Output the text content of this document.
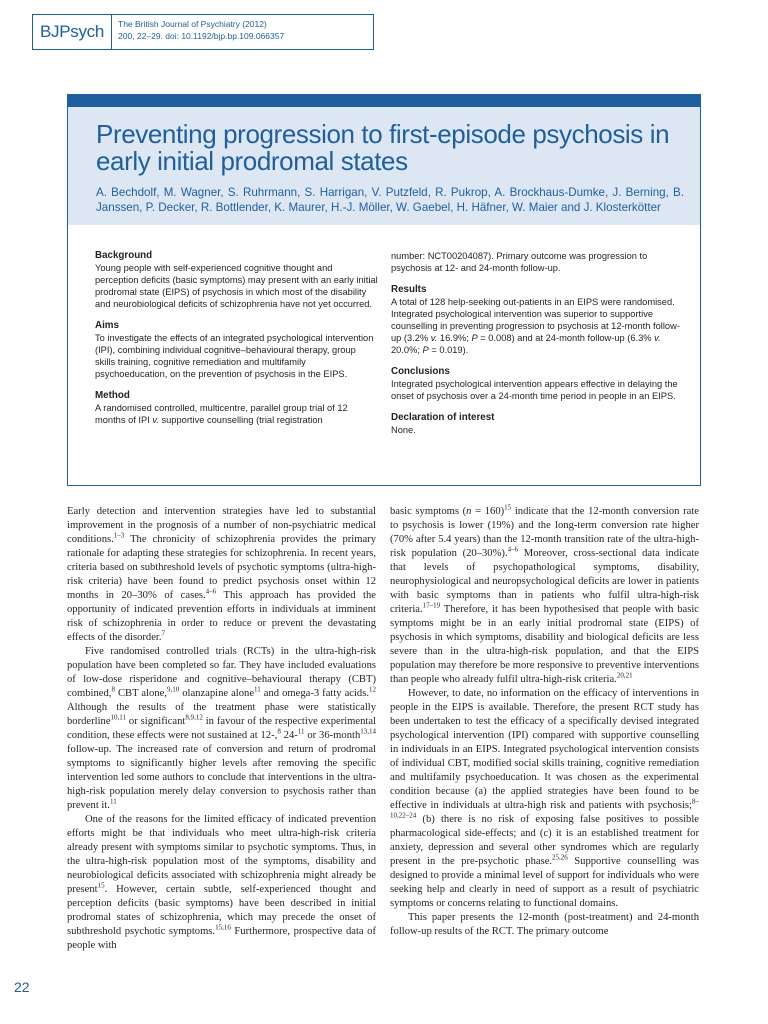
BJPsych The British Journal of Psychiatry (2012)
200, 22–29. doi: 10.1192/bjp.bp.109.066357
Preventing progression to first-episode psychosis in early initial prodromal states
A. Bechdolf, M. Wagner, S. Ruhrmann, S. Harrigan, V. Putzfeld, R. Pukrop, A. Brockhaus-Dumke, J. Berning, B. Janssen, P. Decker, R. Bottlender, K. Maurer, H.-J. Möller, W. Gaebel, H. Häfner, W. Maier and J. Klosterkötter
Background

Young people with self-experienced cognitive thought and perception deficits (basic symptoms) may present with an early initial prodromal state (EIPS) of psychosis in which most of the disability and neurobiological deficits of schizophrenia have not yet occurred.

Aims

To investigate the effects of an integrated psychological intervention (IPI), combining individual cognitive–behavioural therapy, group skills training, cognitive remediation and multifamily psychoeducation, on the prevention of psychosis in the EIPS.

Method

A randomised controlled, multicentre, parallel group trial of 12 months of IPI v. supportive counselling (trial registration

number: NCT00204087). Primary outcome was progression to psychosis at 12- and 24-month follow-up.

Results

A total of 128 help-seeking out-patients in an EIPS were randomised. Integrated psychological intervention was superior to supportive counselling in preventing progression to psychosis at 12-month follow-up (3.2% v. 16.9%; P = 0.008) and at 24-month follow-up (6.3% v. 20.0%; P = 0.019).

Conclusions

Integrated psychological intervention appears effective in delaying the onset of psychosis over a 24-month time period in people in an EIPS.

Declaration of interest

None.

Early detection and intervention strategies have led to substantial improvement in the prognosis of a number of non-psychiatric medical conditions.$^{1-3}$ The chronicity of schizophrenia provides the primary rationale for adapting these strategies for schizophrenia. In recent years, criteria based on subthreshold levels of psychotic symptoms (ultra-high-risk criteria) have been found to predict psychosis onset within 12 months in 20–30% of cases.$^{4-6}$ This approach has provided the opportunity of indicated prevention efforts in individuals at imminent risk of schizophrenia in order to reduce or prevent the devastating effects of the disorder.$^7$

Five randomised controlled trials (RCTs) in the ultra-high-risk population have been completed so far. They have included evaluations of low-dose risperidone and cognitive–behavioural therapy (CBT) combined,$^8$ CBT alone,$^{9,10}$ olanzapine alone$^{11}$ and omega-3 fatty acids.$^{12}$ Although the results of the treatment phase were statistically borderline$^{10,11}$ or significant$^{8,9,12}$ in favour of the respective experimental condition, these effects were not sustained at 12-,$^8$ 24-$^{11}$ or 36-month$^{13,14}$ follow-up. The increased rate of conversion and return of prodromal symptoms to significantly higher levels after removing the specific intervention led some authors to conclude that interventions in the ultra-high-risk population merely delay conversion to psychosis rather than prevent it.$^{11}$

One of the reasons for the limited efficacy of indicated prevention efforts might be that individuals who meet ultra-high-risk criteria already present with symptoms similar to psychotic symptoms. Thus, in the ultra-high-risk population most of the symptoms, disability and neurobiological deficits associated with schizophrenia might already be present$^{15}$. However, certain subtle, self-experienced thought and perception deficits (basic symptoms) have been described in initial prodromal states of schizophrenia, which may precede the onset of subthreshold psychotic symptoms.$^{15,16}$ Furthermore, prospective data of people with

basic symptoms (n = 160)$^{15}$ indicate that the 12-month conversion rate to psychosis is lower (19%) and the long-term conversion rate higher (70% after 5.4 years) than the 12-month transition rate of the ultra-high-risk population (20–30%).$^{4-6}$ Moreover, cross-sectional data indicate that levels of psychopathological symptoms, disability, neurophysiological and neuropsychological deficits are lower in patients with basic symptoms than in patients who fulfil ultra-high-risk criteria.$^{17-19}$ Therefore, it has been hypothesised that people with basic symptoms might be in an early initial prodromal state (EIPS) of psychosis in which symptoms, disability and biological deficits are less severe than in the ultra-high-risk population, and that the EIPS population may therefore be more responsive to preventive interventions than people who already fulfil ultra-high-risk criteria.$^{20,21}$

However, to date, no information on the efficacy of interventions in people in the EIPS is available. Therefore, the present RCT study has been undertaken to test the efficacy of a specifically devised integrated psychological intervention (IPI) compared with supportive counselling in individuals in an EIPS. Integrated psychological intervention consists of individual CBT, modified social skills training, cognitive remediation and multifamily psychoeducation. It was chosen as the experimental condition because (a) the applied strategies have been found to be effective in individuals at ultra-high risk and patients with psychosis;$^{8-10,22-24}$ (b) there is no risk of exposing false positives to possible pharmacological side-effects; and (c) it is an established treatment for anxiety, depression and several other syndromes which are regularly present in the pre-psychotic phase.$^{25,26}$ Supportive counselling was designed to provide a minimal level of support for individuals who were seeking help and clearly in need of support as a result of psychiatric symptoms or concerns relating to functional domains.

This paper presents the 12-month (post-treatment) and 24-month follow-up results of the RCT. The primary outcome

22
